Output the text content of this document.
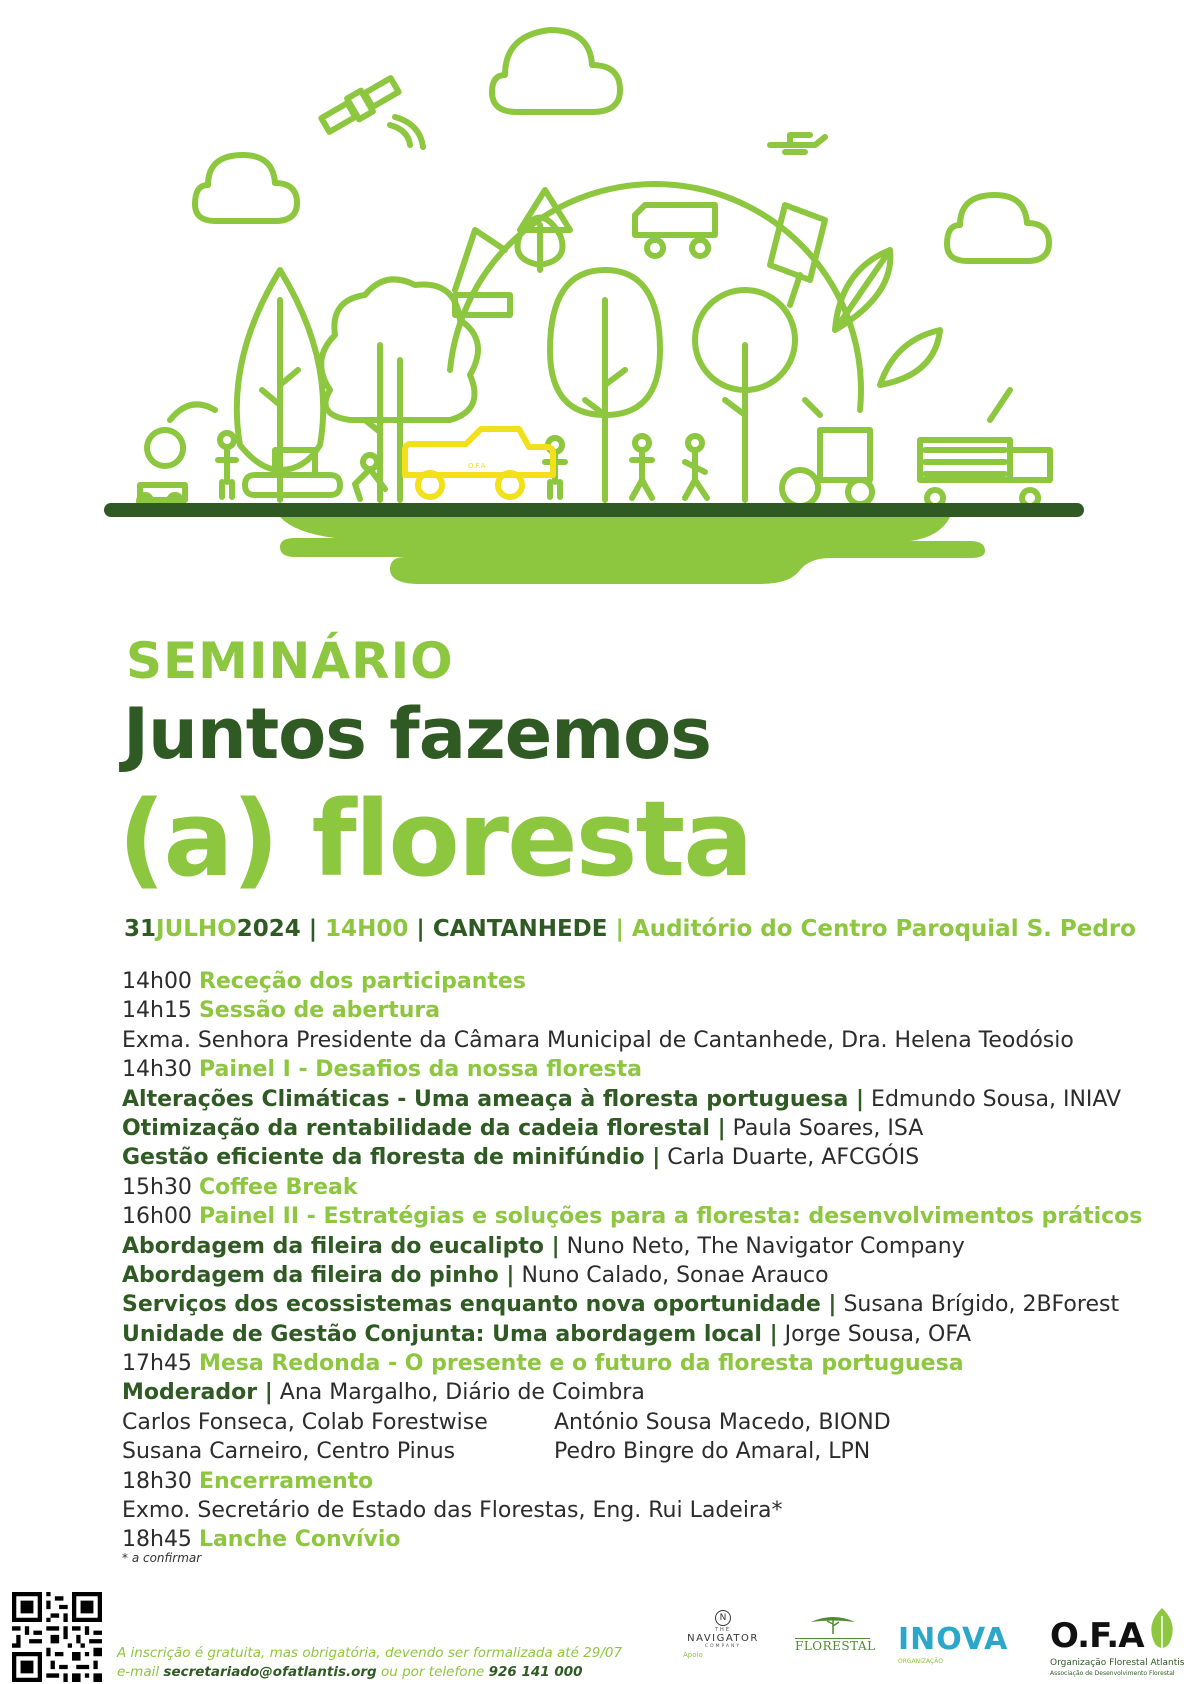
O.F.A
SEMINÁRIO
Juntos fazemos
(a) floresta
31JULHO2024 | 14H00 | CANTANHEDE | Auditório do Centro Paroquial S. Pedro
14h00 Receção dos participantes
14h15 Sessão de abertura
Exma. Senhora Presidente da Câmara Municipal de Cantanhede, Dra. Helena Teodósio
14h30 Painel I - Desafios da nossa floresta
Alterações Climáticas - Uma ameaça à floresta portuguesa | Edmundo Sousa, INIAV
Otimização da rentabilidade da cadeia florestal | Paula Soares, ISA
Gestão eficiente da floresta de minifúndio | Carla Duarte, AFCGÓIS
15h30 Coffee Break
16h00 Painel II - Estratégias e soluções para a floresta: desenvolvimentos práticos
Abordagem da fileira do eucalipto | Nuno Neto, The Navigator Company
Abordagem da fileira do pinho | Nuno Calado, Sonae Arauco
Serviços dos ecossistemas enquanto nova oportunidade | Susana Brígido, 2BForest
Unidade de Gestão Conjunta: Uma abordagem local | Jorge Sousa, OFA
17h45 Mesa Redonda - O presente e o futuro da floresta portuguesa
Moderador | Ana Margalho, Diário de Coimbra
Carlos Fonseca, Colab Forestwise	António Sousa Macedo, BIOND
Susana Carneiro, Centro Pinus	Pedro Bingre do Amaral, LPN
18h30 Encerramento
Exmo. Secretário de Estado das Florestas, Eng. Rui Ladeira*
18h45 Lanche Convívio
* a confirmar
A inscrição é gratuita, mas obrigatória, devendo ser formalizada até 29/07
e-mail secretariado@ofatlantis.org ou por telefone 926 141 000
N
THE
NAVIGATOR
COMPANY
Apoio
FLORESTAL INOVA
ORGANIZAÇÃO
O.F.A
Organização Florestal Atlantis
Associação de Desenvolvimento Florestal
